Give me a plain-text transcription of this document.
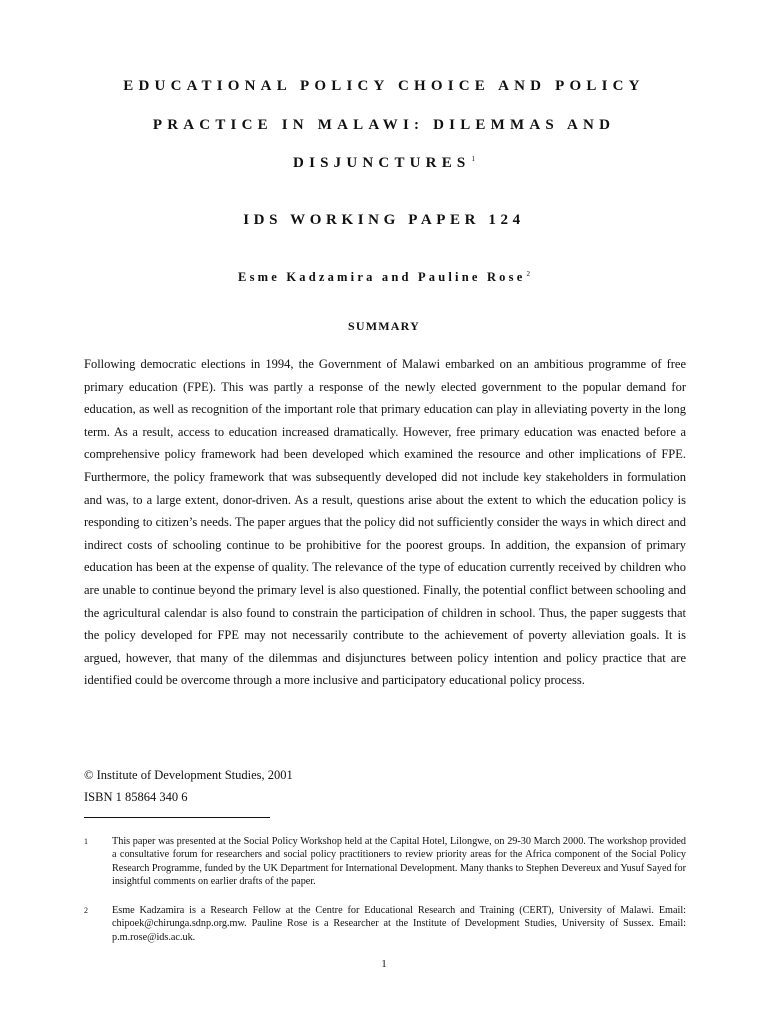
EDUCATIONAL POLICY CHOICE AND POLICY
PRACTICE IN MALAWI: DILEMMAS AND
DISJUNCTURES$^1$
IDS WORKING PAPER 124
Esme Kadzamira and Pauline Rose$^2$
SUMMARY

Following democratic elections in 1994, the Government of Malawi embarked on an ambitious programme of free primary education (FPE). This was partly a response of the newly elected government to the popular demand for education, as well as recognition of the important role that primary education can play in alleviating poverty in the long term. As a result, access to education increased dramatically. However, free primary education was enacted before a comprehensive policy framework had been developed which examined the resource and other implications of FPE. Furthermore, the policy framework that was subsequently developed did not include key stakeholders in formulation and was, to a large extent, donor-driven. As a result, questions arise about the extent to which the education policy is responding to citizen’s needs. The paper argues that the policy did not sufficiently consider the ways in which direct and indirect costs of schooling continue to be prohibitive for the poorest groups. In addition, the expansion of primary education has been at the expense of quality. The relevance of the type of education currently received by children who are unable to continue beyond the primary level is also questioned. Finally, the potential conflict between schooling and the agricultural calendar is also found to constrain the participation of children in school. Thus, the paper suggests that the policy developed for FPE may not necessarily contribute to the achievement of poverty alleviation goals. It is argued, however, that many of the dilemmas and disjunctures between policy intention and policy practice that are identified could be overcome through a more inclusive and participatory educational policy process.

© Institute of Development Studies, 2001
ISBN 1 85864 340 6
1 This paper was presented at the Social Policy Workshop held at the Capital Hotel, Lilongwe, on 29-30 March 2000. The workshop provided a consultative forum for researchers and social policy practitioners to review priority areas for the Africa component of the Social Policy Research Programme, funded by the UK Department for International Development. Many thanks to Stephen Devereux and Yusuf Sayed for insightful comments on earlier drafts of the paper.
2 Esme Kadzamira is a Research Fellow at the Centre for Educational Research and Training (CERT), University of Malawi. Email: chipoek@chirunga.sdnp.org.mw. Pauline Rose is a Researcher at the Institute of Development Studies, University of Sussex. Email: p.m.rose@ids.ac.uk.
1
